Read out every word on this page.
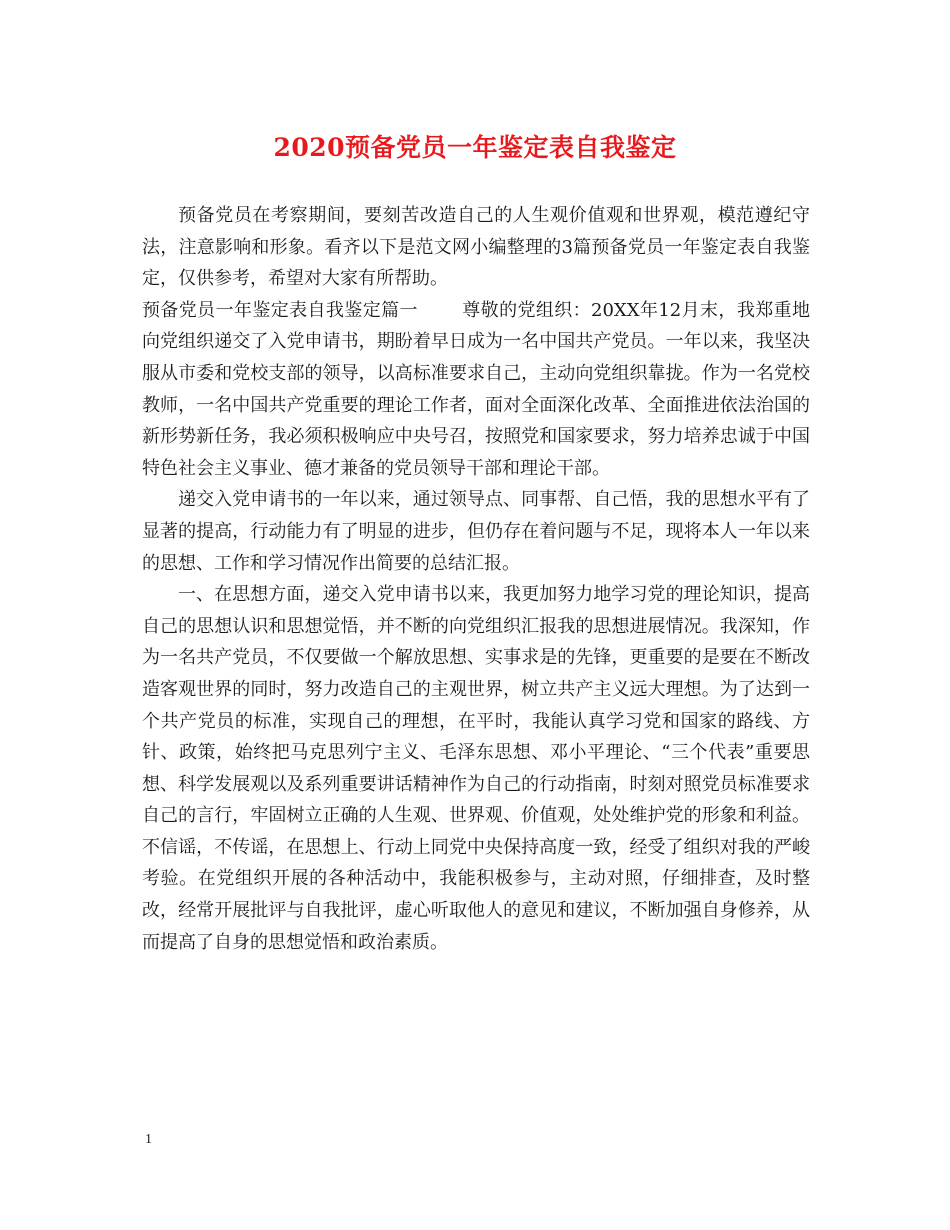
2020预备党员一年鉴定表自我鉴定

预备党员在考察期间，要刻苦改造自己的人生观价值观和世界观，模范遵纪守法，注意影响和形象。看齐以下是范文网小编整理的3篇预备党员一年鉴定表自我鉴定，仅供参考，希望对大家有所帮助。

预备党员一年鉴定表自我鉴定篇一 尊敬的党组织：20XX年12月末，我郑重地向党组织递交了入党申请书，期盼着早日成为一名中国共产党员。一年以来，我坚决服从市委和党校支部的领导，以高标准要求自己，主动向党组织靠拢。作为一名党校教师，一名中国共产党重要的理论工作者，面对全面深化改革、全面推进依法治国的新形势新任务，我必须积极响应中央号召，按照党和国家要求，努力培养忠诚于中国特色社会主义事业、德才兼备的党员领导干部和理论干部。

递交入党申请书的一年以来，通过领导点、同事帮、自己悟，我的思想水平有了显著的提高，行动能力有了明显的进步，但仍存在着问题与不足，现将本人一年以来的思想、工作和学习情况作出简要的总结汇报。

一、在思想方面，递交入党申请书以来，我更加努力地学习党的理论知识，提高自己的思想认识和思想觉悟，并不断的向党组织汇报我的思想进展情况。我深知，作为一名共产党员，不仅要做一个解放思想、实事求是的先锋，更重要的是要在不断改造客观世界的同时，努力改造自己的主观世界，树立共产主义远大理想。为了达到一个共产党员的标准，实现自己的理想，在平时，我能认真学习党和国家的路线、方针、政策，始终把马克思列宁主义、毛泽东思想、邓小平理论、“三个代表”重要思想、科学发展观以及系列重要讲话精神作为自己的行动指南，时刻对照党员标准要求自己的言行，牢固树立正确的人生观、世界观、价值观，处处维护党的形象和利益。不信谣，不传谣，在思想上、行动上同党中央保持高度一致，经受了组织对我的严峻考验。在党组织开展的各种活动中，我能积极参与，主动对照，仔细排查，及时整改，经常开展批评与自我批评，虚心听取他人的意见和建议，不断加强自身修养，从而提高了自身的思想觉悟和政治素质。

1
